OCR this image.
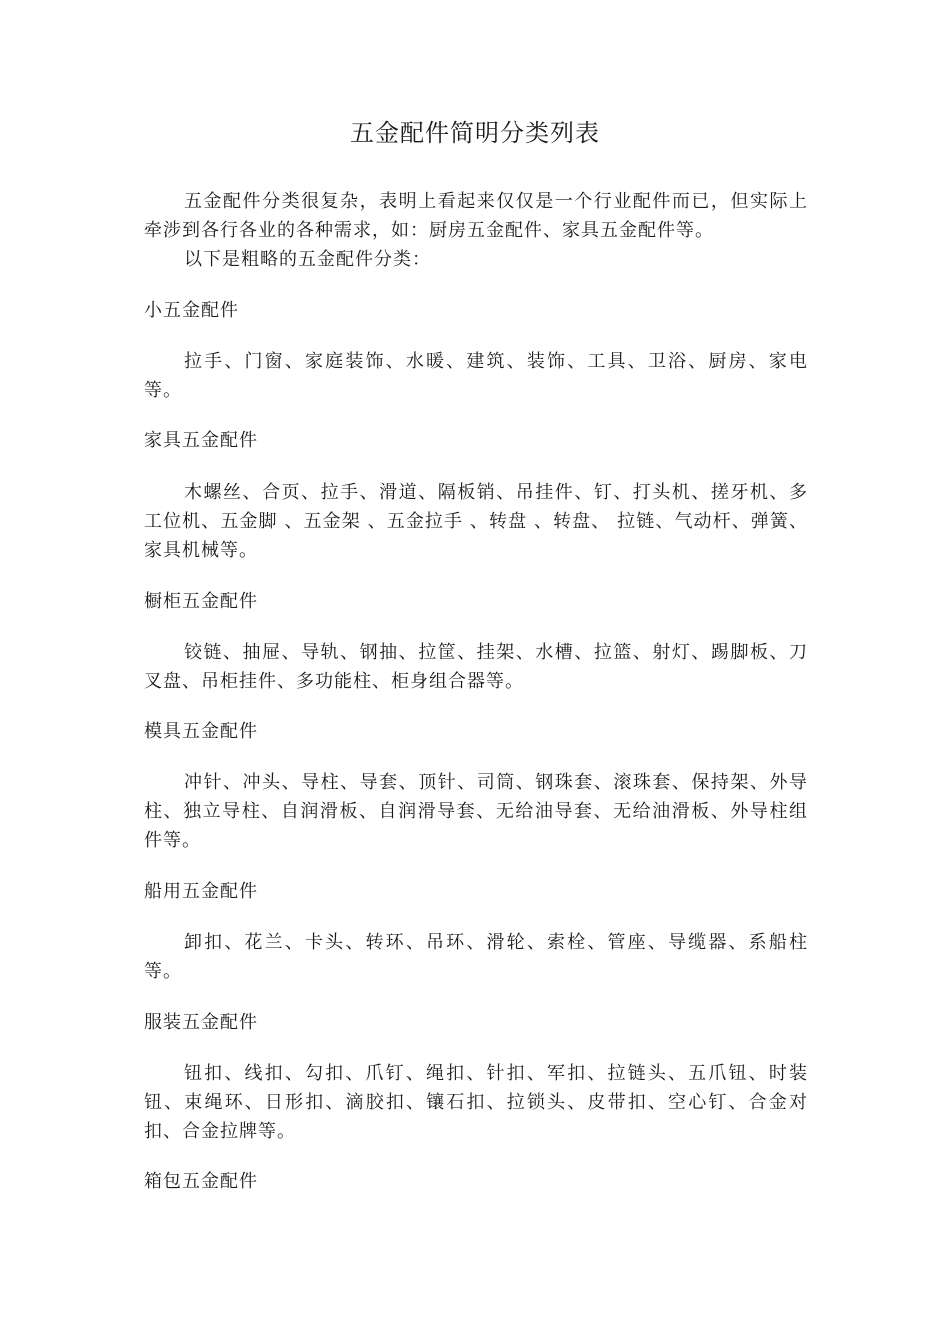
五金配件简明分类列表

五金配件分类很复杂，表明上看起来仅仅是一个行业配件而已，但实际上牵涉到各行各业的各种需求，如：厨房五金配件、家具五金配件等。

以下是粗略的五金配件分类：

小五金配件

拉手、门窗、家庭装饰、水暖、建筑、装饰、工具、卫浴、厨房、家电等。

家具五金配件

木螺丝、合页、拉手、滑道、隔板销、吊挂件、钉、打头机、搓牙机、多工位机、五金脚 、五金架 、五金拉手 、转盘 、转盘、 拉链、气动杆、弹簧、家具机械等。

橱柜五金配件

铰链、抽屉、导轨、钢抽、拉筐、挂架、水槽、拉篮、射灯、踢脚板、刀叉盘、吊柜挂件、多功能柱、柜身组合器等。

模具五金配件

冲针、冲头、导柱、导套、顶针、司筒、钢珠套、滚珠套、保持架、外导柱、独立导柱、自润滑板、自润滑导套、无给油导套、无给油滑板、外导柱组件等。

船用五金配件

卸扣、花兰、卡头、转环、吊环、滑轮、索栓、管座、导缆器、系船柱等。

服装五金配件

钮扣、线扣、勾扣、爪钉、绳扣、针扣、军扣、拉链头、五爪钮、时装钮、束绳环、日形扣、滴胶扣、镶石扣、拉锁头、皮带扣、空心钉、合金对扣、合金拉牌等。

箱包五金配件
